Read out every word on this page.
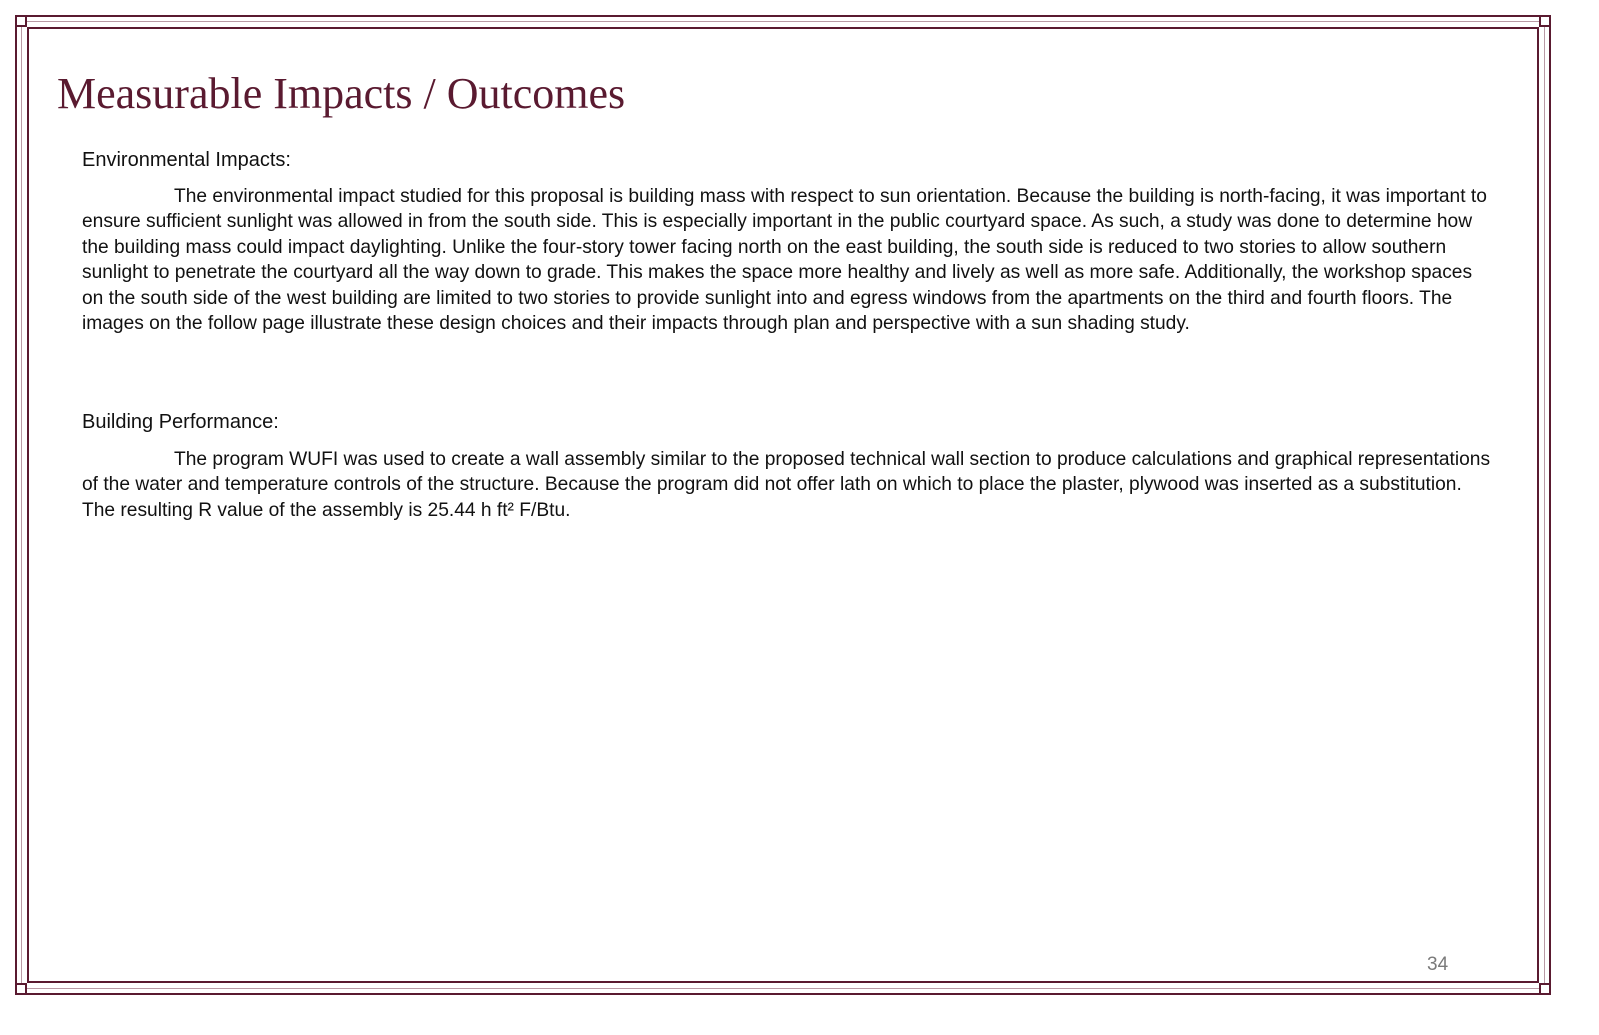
Measurable Impacts / Outcomes
Environmental Impacts:

The environmental impact studied for this proposal is building mass with respect to sun orientation. Because the building is north-facing, it was important to ensure sufficient sunlight was allowed in from the south side. This is especially important in the public courtyard space. As such, a study was done to determine how the building mass could impact daylighting. Unlike the four-story tower facing north on the east building, the south side is reduced to two stories to allow southern sunlight to penetrate the courtyard all the way down to grade. This makes the space more healthy and lively as well as more safe. Additionally, the workshop spaces on the south side of the west building are limited to two stories to provide sunlight into and egress windows from the apartments on the third and fourth floors. The images on the follow page illustrate these design choices and their impacts through plan and perspective with a sun shading study.

Building Performance:

The program WUFI was used to create a wall assembly similar to the proposed technical wall section to produce calculations and graphical representations of the water and temperature controls of the structure. Because the program did not offer lath on which to place the plaster, plywood was inserted as a substitution. The resulting R value of the assembly is 25.44 h ft² F/Btu.

34
